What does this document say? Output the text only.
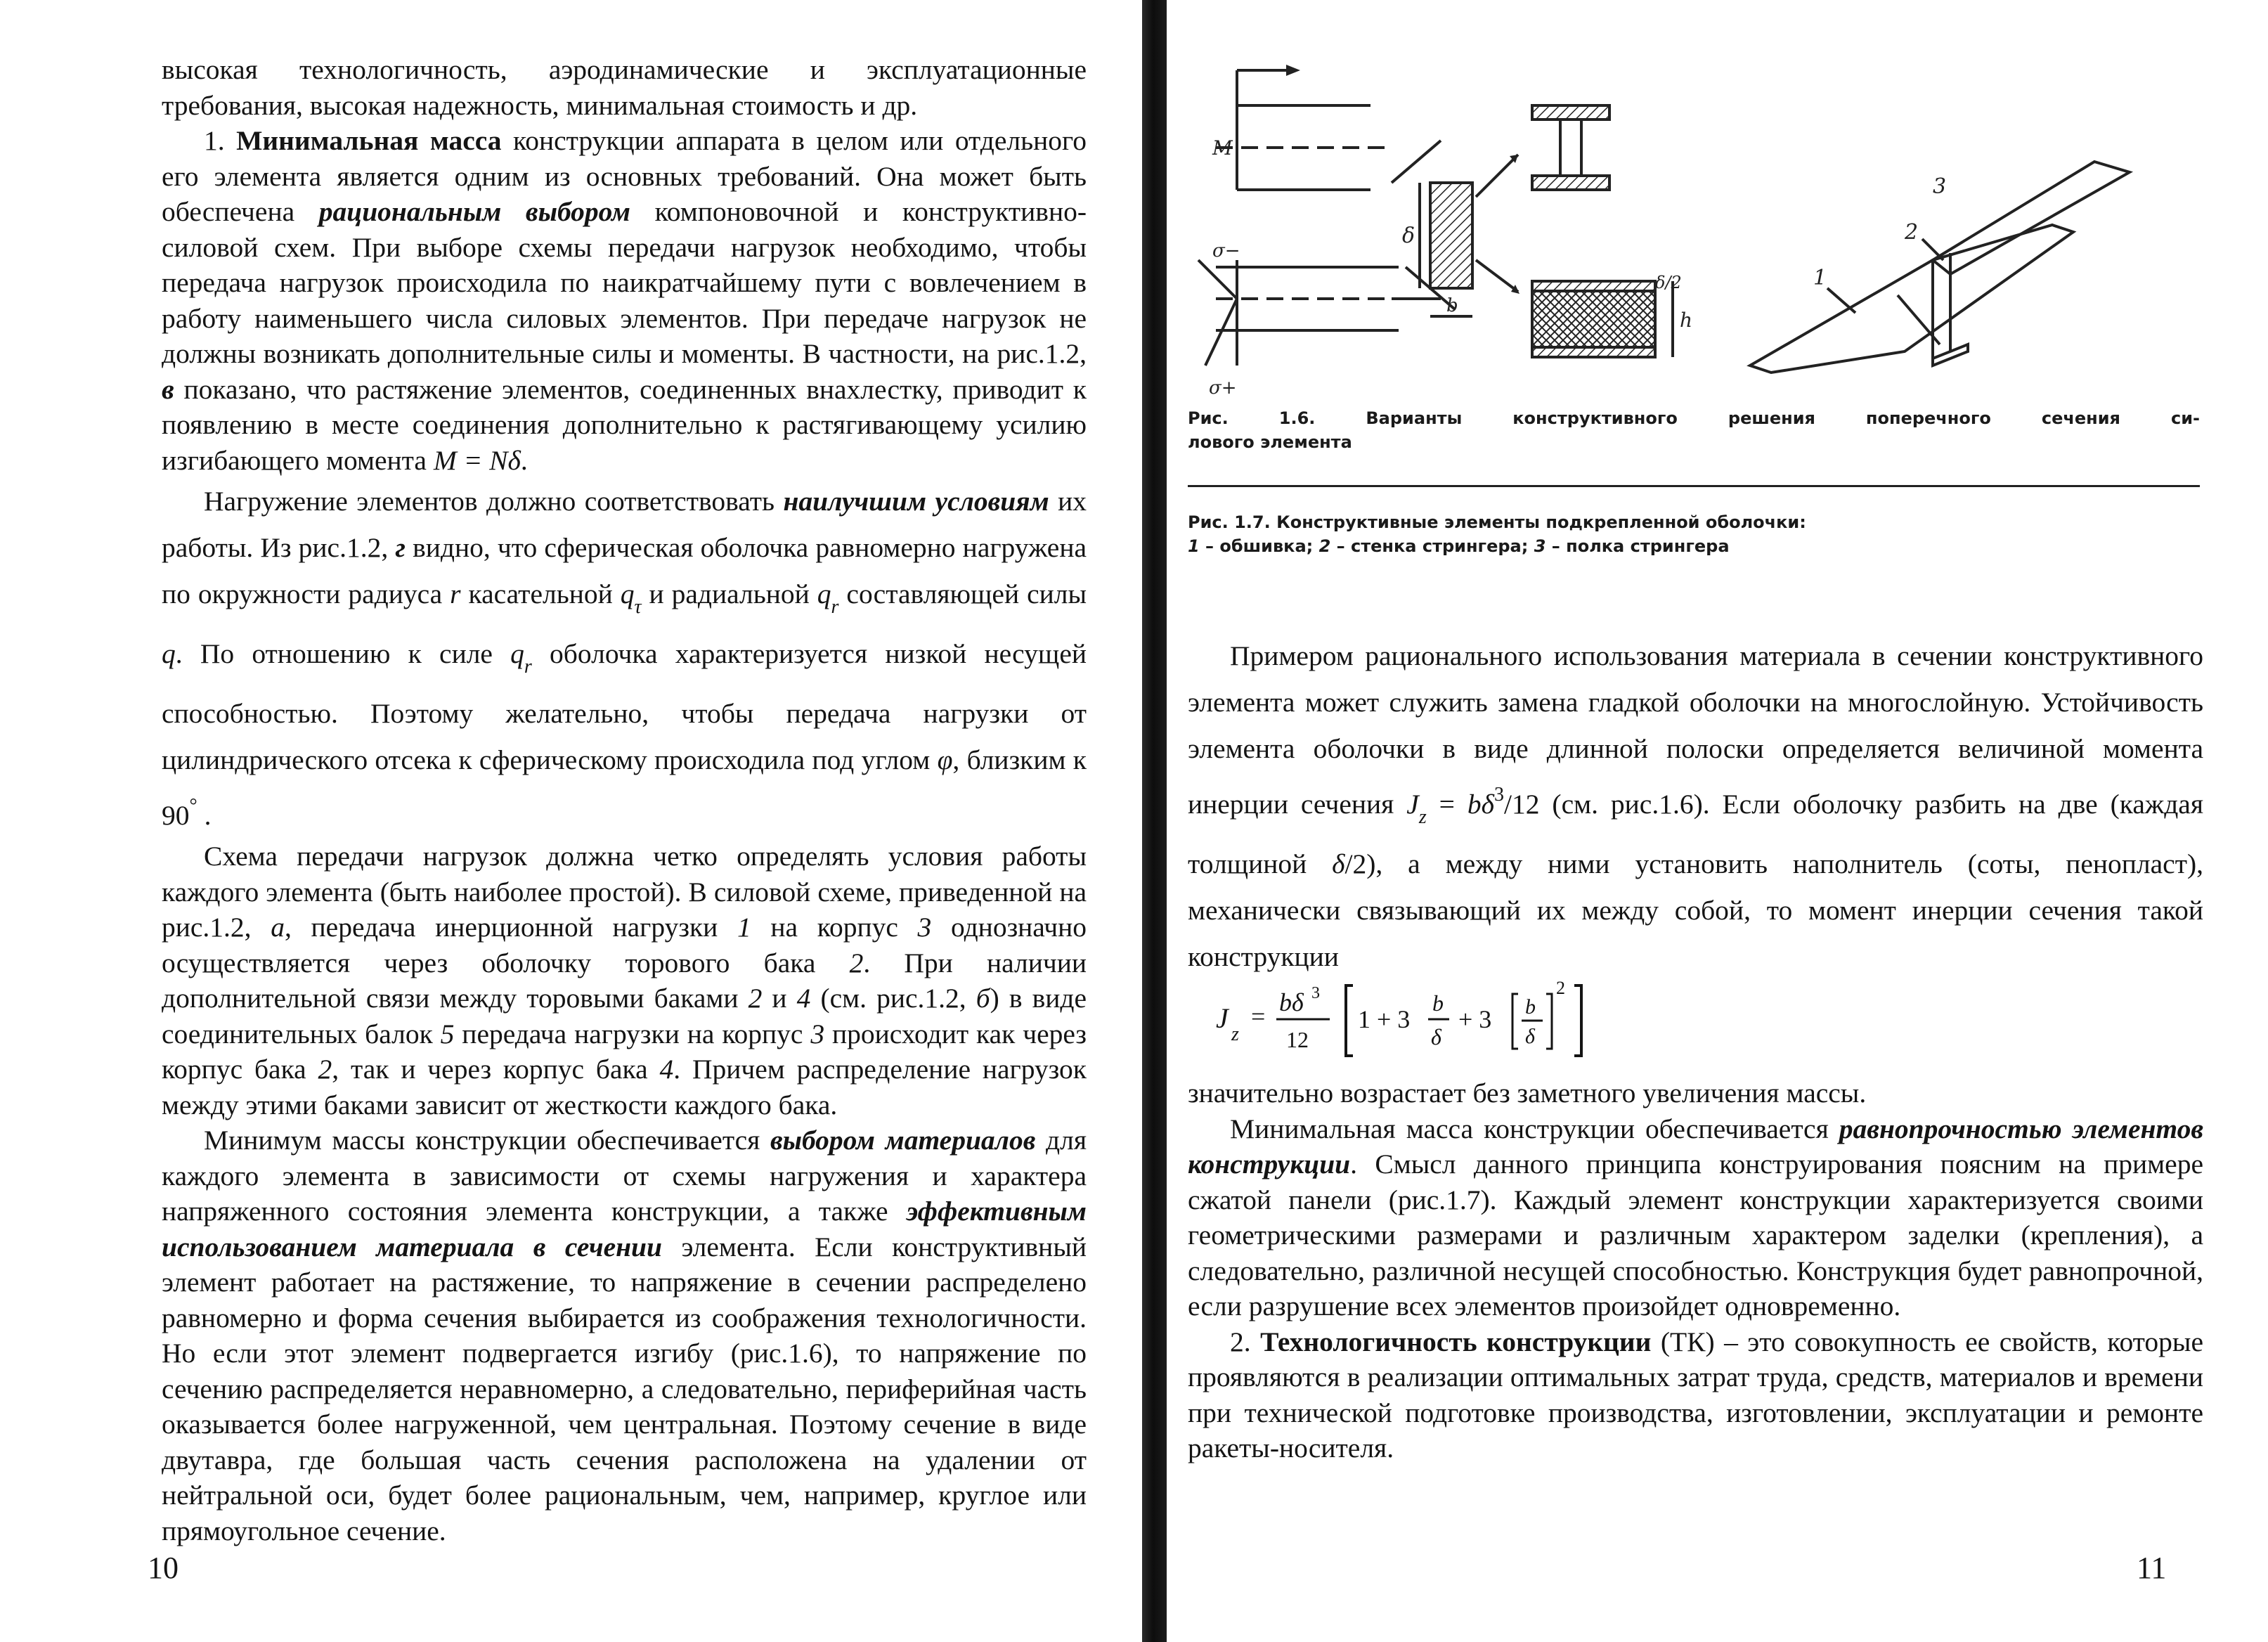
высокая технологичность, аэродинамические и эксплуатационные требования, высокая надежность, минимальная стоимость и др.

1. Минимальная масса конструкции аппарата в целом или отдельного его элемента является одним из основных требований. Она может быть обеспечена рациональным выбором компоновочной и конструктивно-силовой схем. При выборе схемы передачи нагрузок необходимо, чтобы передача нагрузок происходила по наикратчайшему пути с вовлечением в работу наименьшего числа силовых элементов. При передаче нагрузок не должны возникать дополнительные силы и моменты. В частности, на рис.1.2, в показано, что растяжение элементов, соединенных внахлестку, приводит к появлению в месте соединения дополнительно к растягивающему усилию изгибающего момента M = Nδ.

Нагружение элементов должно соответствовать наилучшим условиям их работы. Из рис.1.2, г видно, что сферическая оболочка равномерно нагружена по окружности радиуса r касательной $q_\tau$ и радиальной $q_r$ составляющей силы q. По отношению к силе $q_r$ оболочка характеризуется низкой несущей способностью. Поэтому желательно, чтобы передача нагрузки от цилиндрического отсека к сферическому происходила под углом φ, близким к 90° .

Схема передачи нагрузок должна четко определять условия работы каждого элемента (быть наиболее простой). В силовой схеме, приведенной на рис.1.2, а, передача инерционной нагрузки 1 на корпус 3 однозначно осуществляется через оболочку торового бака 2. При наличии дополнительной связи между торовыми баками 2 и 4 (см. рис.1.2, б) в виде соединительных балок 5 передача нагрузки на корпус 3 происходит как через корпус бака 2, так и через корпус бака 4. Причем распределение нагрузок между этими баками зависит от жесткости каждого бака.

Минимум массы конструкции обеспечивается выбором материалов для каждого элемента в зависимости от схемы нагружения и характера напряженного состояния элемента конструкции, а также эффективным использованием материала в сечении элемента. Если конструктивный элемент работает на растяжение, то напряжение в сечении распределено равномерно и форма сечения выбирается из соображения технологичности. Но если этот элемент подвергается изгибу (рис.1.6), то напряжение по сечению распределяется неравномерно, а следовательно, периферийная часть оказывается более нагруженной, чем центральная. Поэтому сечение в виде двутавра, где большая часть сечения расположена на удалении от нейтральной оси, будет более рациональным, чем, например, круглое или прямоугольное сечение.

10
M
σ−
σ+
δ
b
δ/2
h
1
2
3
Рис.	1.6.	Варианты	конструктивного	решения	поперечного	сечения	си-
лового элемента
Рис. 1.7. Конструктивные элементы подкрепленной оболочки:
1 – обшивка; 2 – стенка стрингера; 3 – полка стрингера

Примером рационального использования материала в сечении конструктивного элемента может служить замена гладкой оболочки на многослойную. Устойчивость элемента оболочки в виде длинной полоски определяется величиной момента инерции сечения $J_z = b\delta^3/12$ (см. рис.1.6). Если оболочку разбить на две (каждая толщиной δ/2), а между ними установить наполнитель (соты, пенопласт), механически связывающий их между собой, то момент инерции сечения такой конструкции

J
z
= bδ 3
12
1 + 3
b
δ
+ 3 b
δ
2

значительно возрастает без заметного увеличения массы.

Минимальная масса конструкции обеспечивается равнопрочностью элементов конструкции. Смысл данного принципа конструирования поясним на примере сжатой панели (рис.1.7). Каждый элемент конструкции характеризуется своими геометрическими размерами и различным характером заделки (крепления), а следовательно, различной несущей способностью. Конструкция будет равнопрочной, если разрушение всех элементов произойдет одновременно.

2. Технологичность конструкции (ТК) – это совокупность ее свойств, которые проявляются в реализации оптимальных затрат труда, средств, материалов и времени при технической подготовке производства, изготовлении, эксплуатации и ремонте ракеты-носителя.

11
